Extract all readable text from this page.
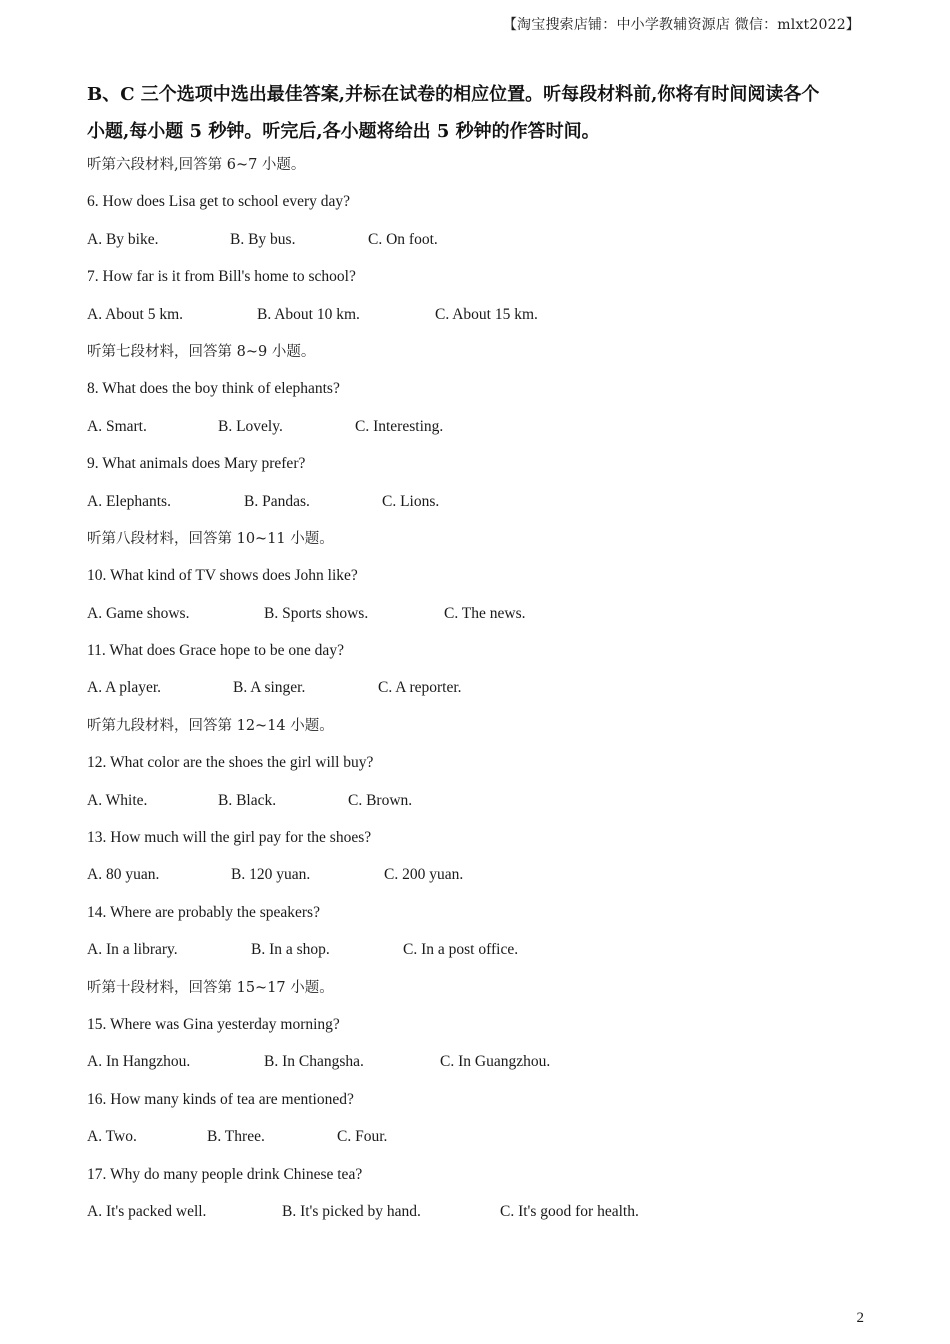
【淘宝搜索店铺：中小学教辅资源店 微信：mlxt2022】
B、C 三个选项中选出最佳答案,并标在试卷的相应位置。听每段材料前,你将有时间阅读各个
小题,每小题 5 秒钟。听完后,各小题将给出 5 秒钟的作答时间。
听第六段材料,回答第 6~7 小题。
6. How does Lisa get to school every day?
A. By bike.	B. By bus.	C. On foot.
7. How far is it from Bill's home to school?
A. About 5 km.	B. About 10 km.	C. About 15 km.
听第七段材料，回答第 8~9 小题。
8. What does the boy think of elephants?
A. Smart.	B. Lovely.	C. Interesting.
9. What animals does Mary prefer?
A. Elephants.	B. Pandas.	C. Lions.
听第八段材料，回答第 10~11 小题。
10. What kind of TV shows does John like?
A. Game shows.	B. Sports shows.	C. The news.
11. What does Grace hope to be one day?
A. A player.	B. A singer.	C. A reporter.
听第九段材料，回答第 12~14 小题。
12. What color are the shoes the girl will buy?
A. White.	B. Black.	C. Brown.
13. How much will the girl pay for the shoes?
A. 80 yuan.	B. 120 yuan.	C. 200 yuan.
14. Where are probably the speakers?
A. In a library.	B. In a shop.	C. In a post office.
听第十段材料，回答第 15~17 小题。
15. Where was Gina yesterday morning?
A. In Hangzhou.	B. In Changsha.	C. In Guangzhou.
16. How many kinds of tea are mentioned?
A. Two.	B. Three.	C. Four.
17. Why do many people drink Chinese tea?
A. It's packed well.	B. It's picked by hand.	C. It's good for health.
2
